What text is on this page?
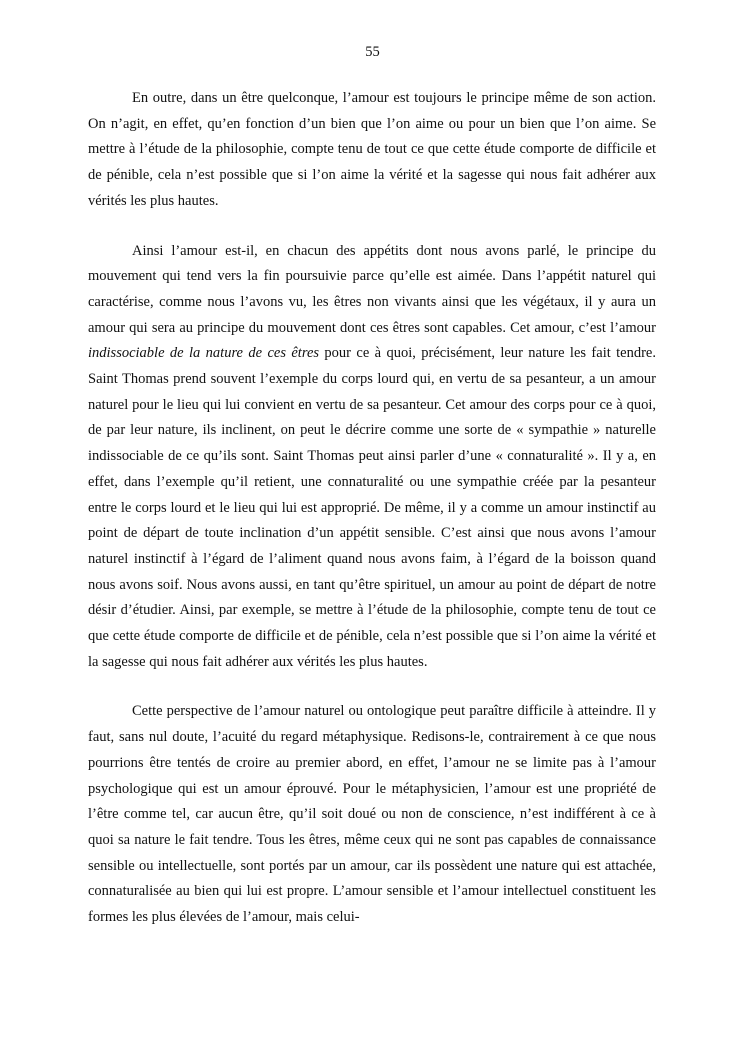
55

En outre, dans un être quelconque, l’amour est toujours le principe même de son action. On n’agit, en effet, qu’en fonction d’un bien que l’on aime ou pour un bien que l’on aime. Se mettre à l’étude de la philosophie, compte tenu de tout ce que cette étude comporte de difficile et de pénible, cela n’est possible que si l’on aime la vérité et la sagesse qui nous fait adhérer aux vérités les plus hautes.

Ainsi l’amour est-il, en chacun des appétits dont nous avons parlé, le principe du mouvement qui tend vers la fin poursuivie parce qu’elle est aimée. Dans l’appétit naturel qui caractérise, comme nous l’avons vu, les êtres non vivants ainsi que les végétaux, il y aura un amour qui sera au principe du mouvement dont ces êtres sont capables. Cet amour, c’est l’amour indissociable de la nature de ces êtres pour ce à quoi, précisément, leur nature les fait tendre. Saint Thomas prend souvent l’exemple du corps lourd qui, en vertu de sa pesanteur, a un amour naturel pour le lieu qui lui convient en vertu de sa pesanteur. Cet amour des corps pour ce à quoi, de par leur nature, ils inclinent, on peut le décrire comme une sorte de « sympathie » naturelle indissociable de ce qu’ils sont. Saint Thomas peut ainsi parler d’une « connaturalité ». Il y a, en effet, dans l’exemple qu’il retient, une connaturalité ou une sympathie créée par la pesanteur entre le corps lourd et le lieu qui lui est approprié. De même, il y a comme un amour instinctif au point de départ de toute inclination d’un appétit sensible. C’est ainsi que nous avons l’amour naturel instinctif à l’égard de l’aliment quand nous avons faim, à l’égard de la boisson quand nous avons soif. Nous avons aussi, en tant qu’être spirituel, un amour au point de départ de notre désir d’étudier. Ainsi, par exemple, se mettre à l’étude de la philosophie, compte tenu de tout ce que cette étude comporte de difficile et de pénible, cela n’est possible que si l’on aime la vérité et la sagesse qui nous fait adhérer aux vérités les plus hautes.

Cette perspective de l’amour naturel ou ontologique peut paraître difficile à atteindre. Il y faut, sans nul doute, l’acuité du regard métaphysique. Redisons-le, contrairement à ce que nous pourrions être tentés de croire au premier abord, en effet, l’amour ne se limite pas à l’amour psychologique qui est un amour éprouvé. Pour le métaphysicien, l’amour est une propriété de l’être comme tel, car aucun être, qu’il soit doué ou non de conscience, n’est indifférent à ce à quoi sa nature le fait tendre. Tous les êtres, même ceux qui ne sont pas capables de connaissance sensible ou intellectuelle, sont portés par un amour, car ils possèdent une nature qui est attachée, connaturalisée au bien qui lui est propre. L’amour sensible et l’amour intellectuel constituent les formes les plus élevées de l’amour, mais celui-
